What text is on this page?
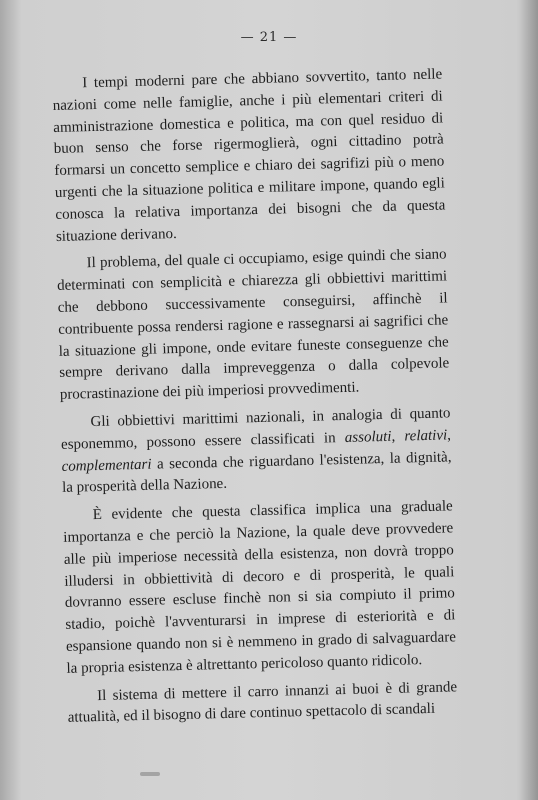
— 21 —

I tempi moderni pare che abbiano sovvertito, tanto nelle nazioni come nelle famiglie, anche i più elementari criteri di amministrazione domestica e politica, ma con quel residuo di buon senso che forse rigermoglierà, ogni cittadino potrà formarsi un concetto semplice e chiaro dei sagrifizi più o meno urgenti che la situazione politica e militare impone, quando egli conosca la relativa importanza dei bisogni che da questa situazione derivano.

Il problema, del quale ci occupiamo, esige quindi che siano determinati con semplicità e chiarezza gli obbiettivi marittimi che debbono successivamente conseguirsi, affinchè il contribuente possa rendersi ragione e rassegnarsi ai sagrifici che la situazione gli impone, onde evitare funeste conseguenze che sempre derivano dalla impreveggenza o dalla colpevole procrastinazione dei più imperiosi provvedimenti.

Gli obbiettivi marittimi nazionali, in analogia di quanto esponemmo, possono essere classificati in assoluti, relativi, complementari a seconda che riguardano l'esistenza, la dignità, la prosperità della Nazione.

È evidente che questa classifica implica una graduale importanza e che perciò la Nazione, la quale deve provvedere alle più imperiose necessità della esistenza, non dovrà troppo illudersi in obbiettività di decoro e di prosperità, le quali dovranno essere escluse finchè non si sia compiuto il primo stadio, poichè l'avventurarsi in imprese di esteriorità e di espansione quando non si è nemmeno in grado di salvaguardare la propria esistenza è altrettanto pericoloso quanto ridicolo.

Il sistema di mettere il carro innanzi ai buoi è di grande attualità, ed il bisogno di dare continuo spettacolo di scandali
